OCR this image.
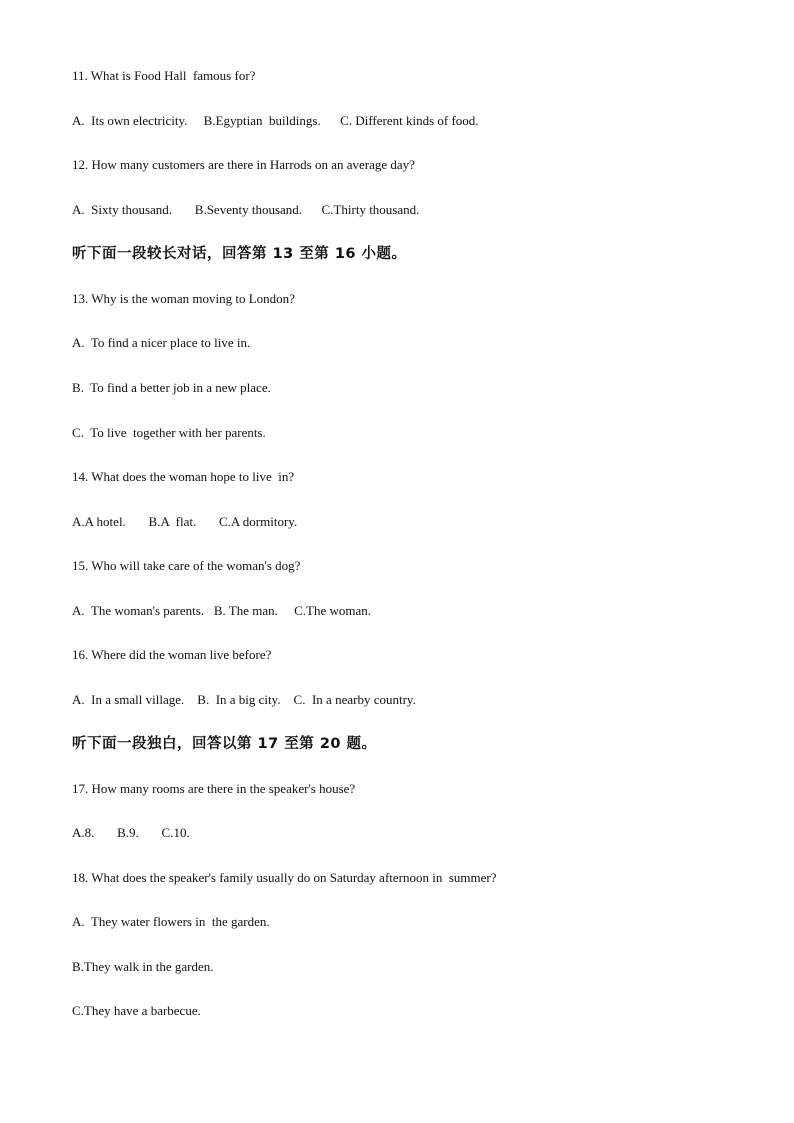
11. What is Food Hall  famous for?
A.  Its own electricity.     B.Egyptian  buildings.      C. Different kinds of food.
12. How many customers are there in Harrods on an average day?
A.  Sixty thousand.       B.Seventy thousand.      C.Thirty thousand.
听下面一段较长对话，回答第 13 至第 16 小题。
13. Why is the woman moving to London?
A.  To find a nicer place to live in.
B.  To find a better job in a new place.
C.  To live  together with her parents.
14. What does the woman hope to live  in?
A.A hotel.       B.A  flat.       C.A dormitory.
15. Who will take care of the woman's dog?
A.  The woman's parents.   B. The man.     C.The woman.
16. Where did the woman live before?
A.  In a small village.    B.  In a big city.    C.  In a nearby country.
听下面一段独白，回答以第 17 至第 20 题。
17. How many rooms are there in the speaker's house?
A.8.       B.9.       C.10.
18. What does the speaker's family usually do on Saturday afternoon in  summer?
A.  They water flowers in  the garden.
B.They walk in the garden.
C.They have a barbecue.
